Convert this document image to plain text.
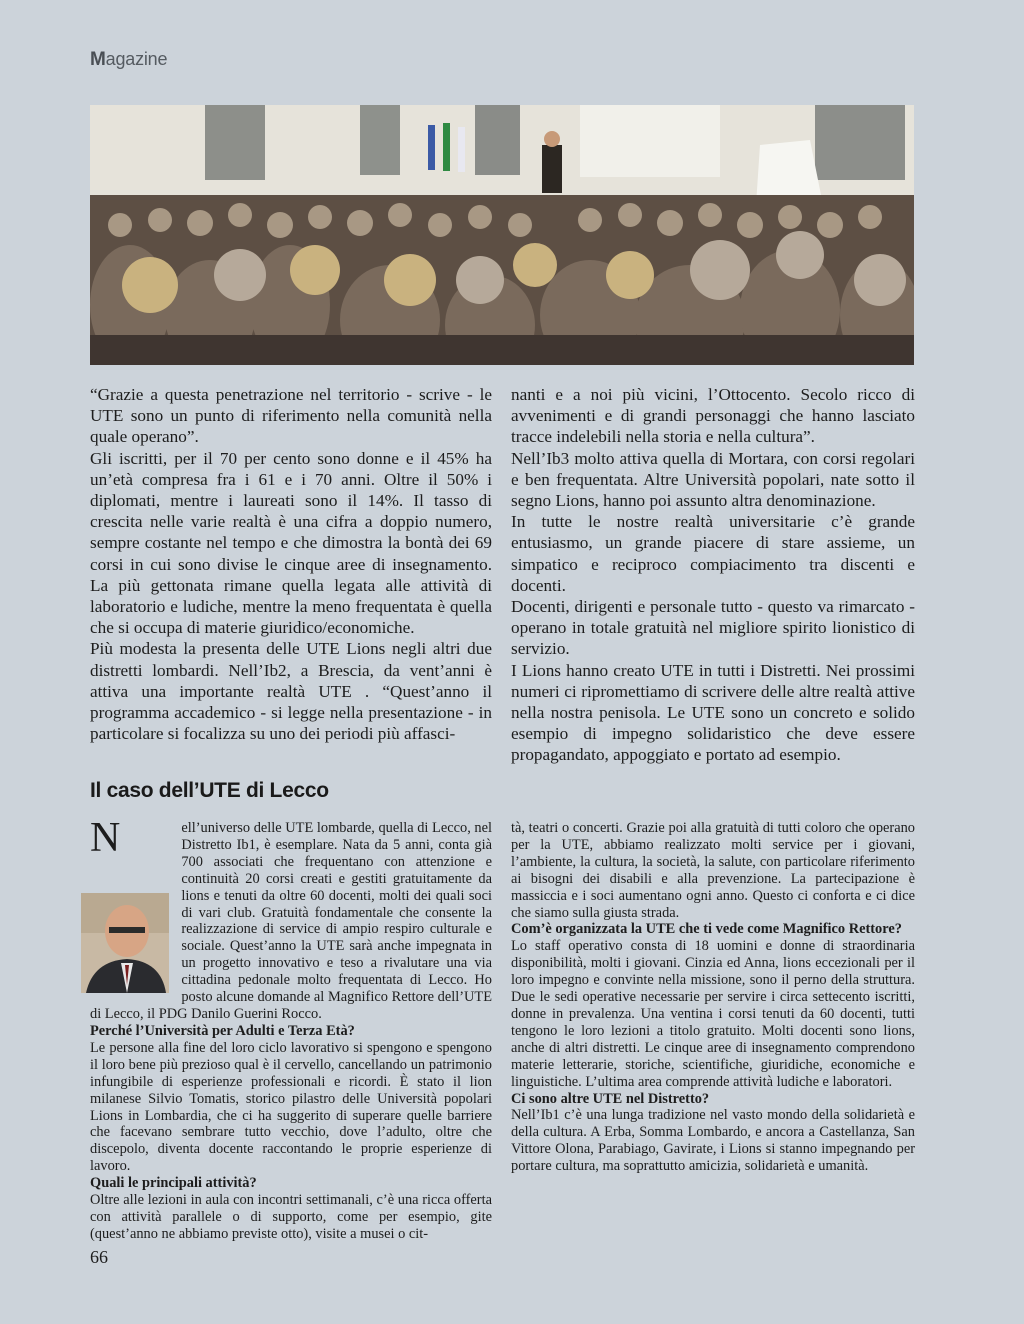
Magazine

“Grazie a questa penetrazione nel territorio - scrive - le UTE sono un punto di riferimento nella comunità nella quale operano”.

Gli iscritti, per il 70 per cento sono donne e il 45% ha un’età compresa fra i 61 e i 70 anni. Oltre il 50% i diplomati, mentre i laureati sono il 14%. Il tasso di crescita nelle varie realtà è una cifra a doppio numero, sempre costante nel tempo e che dimostra la bontà dei 69 corsi in cui sono divise le cinque aree di insegnamento. La più gettonata rimane quella legata alle attività di laboratorio e ludiche, mentre la meno frequentata è quella che si occupa di materie giuridico/economiche.

Più modesta la presenta delle UTE Lions negli altri due distretti lombardi. Nell’Ib2, a Brescia, da vent’anni è attiva una importante realtà UTE . “Quest’anno il programma accademico - si legge nella presentazione - in particolare si focalizza su uno dei periodi più affasci-

nanti e a noi più vicini, l’Ottocento. Secolo ricco di avvenimenti e di grandi personaggi che hanno lasciato tracce indelebili nella storia e nella cultura”.

Nell’Ib3 molto attiva quella di Mortara, con corsi regolari e ben frequentata. Altre Università popolari, nate sotto il segno Lions, hanno poi assunto altra denominazione.

In tutte le nostre realtà universitarie c’è grande entusiasmo, un grande piacere di stare assieme, un simpatico e reciproco compiacimento tra discenti e docenti.

Docenti, dirigenti e personale tutto - questo va rimarcato - operano in totale gratuità nel migliore spirito lionistico di servizio.

I Lions hanno creato UTE in tutti i Distretti. Nei prossimi numeri ci ripromettiamo di scrivere delle altre realtà attive nella nostra penisola. Le UTE sono un concreto e solido esempio di impegno solidaristico che deve essere propagandato, appoggiato e portato ad esempio.

Il caso dell’UTE di Lecco
N	ell’universo delle UTE lombarde, quella di Lecco, nel Distretto Ib1, è esemplare. Nata da 5 anni, conta già 700 associati che frequentano con attenzione e continuità 20 corsi creati e gestiti gratuitamente da lions e tenuti da oltre 60 docenti, molti dei quali soci di vari club. Gratuità fondamentale che consente la realizzazione di service di ampio respiro culturale e sociale. Quest’anno la UTE sarà anche impegnata in un progetto innovativo e teso a rivalutare una via cittadina pedonale molto frequentata di Lecco. Ho posto alcune domande al Magnifico Rettore dell’UTE di Lecco, il PDG Danilo Guerini Rocco.

tà, teatri o concerti. Grazie poi alla gratuità di tutti coloro che operano per la UTE, abbiamo realizzato molti service per i giovani, l’ambiente, la cultura, la società, la salute, con particolare riferimento ai bisogni dei disabili e alla prevenzione. La partecipazione è massiccia e i soci aumentano ogni anno. Questo ci conforta e ci dice che siamo sulla giusta strada.

Com’è organizzata la UTE che ti vede come Magnifico Rettore?

Lo staff operativo consta di 18 uomini e donne di straordinaria disponibilità, molti i giovani. Cinzia ed Anna, lions eccezionali per il loro impegno e convinte nella missione, sono il perno della struttura. Due le sedi operative necessarie per servire i circa settecento iscritti, donne in prevalenza. Una ventina i corsi tenuti da 60 docenti, tutti tengono le loro lezioni a titolo gratuito. Molti docenti sono lions, anche di altri distretti. Le cinque aree di insegnamento comprendono materie letterarie, storiche, scientifiche, giuridiche, economiche e linguistiche. L’ultima area comprende attività ludiche e laboratori.

Ci sono altre UTE nel Distretto?

Nell’Ib1 c’è una lunga tradizione nel vasto mondo della solidarietà e della cultura. A Erba, Somma Lombardo, e ancora a Castellanza, San Vittore Olona, Parabiago, Gavirate, i Lions si stanno impegnando per portare cultura, ma soprattutto amicizia, solidarietà e umanità.

Perché l’Università per Adulti e Terza Età?

Le persone alla fine del loro ciclo lavorativo si spengono e spengono il loro bene più prezioso qual è il cervello, cancellando un patrimonio infungibile di esperienze professionali e ricordi. È stato il lion milanese Silvio Tomatis, storico pilastro delle Università popolari Lions in Lombardia, che ci ha suggerito di superare quelle barriere che facevano sembrare tutto vecchio, dove l’adulto, oltre che discepolo, diventa docente raccontando le proprie esperienze di lavoro.

Quali le principali attività?

Oltre alle lezioni in aula con incontri settimanali, c’è una ricca offerta con attività parallele o di supporto, come per esempio, gite (quest’anno ne abbiamo previste otto), visite a musei o cit-

66
